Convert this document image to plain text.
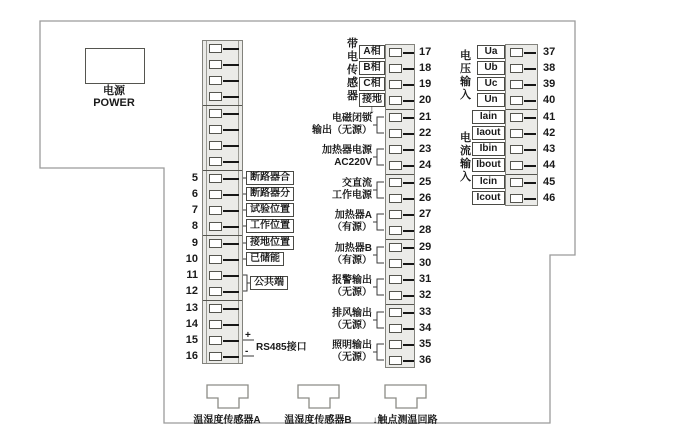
电源
POWER
+
- RS485接口
5
6
7
8
9
10
11
12
13
14
15
16
17
18
19
20
21
22
23
24
25
26
27
28
29
30
31
32
33
34
35
36
37
38
39
40
41
42
43
44
45
46
断路器合
断路器分
试验位置
工作位置
接地位置
已储能
公共端
A相
B相
C相
接地
带
电
传
感
器
↓
电磁闭锁
输出（无源）
加热器电源
AC220V
交直流
工作电源
加热器A
（有源）
加热器B
（有源）
报警输出
（无源）
排风输出
（无源）
照明输出
（无源）
Ua
Ub
Uc
Un
电
压
输
入
Iain
Iaout
Ibin
Ibout
Icin
Icout
电
流
输
入
温湿度传感器A	温湿度传感器B	↓触点测温回路
